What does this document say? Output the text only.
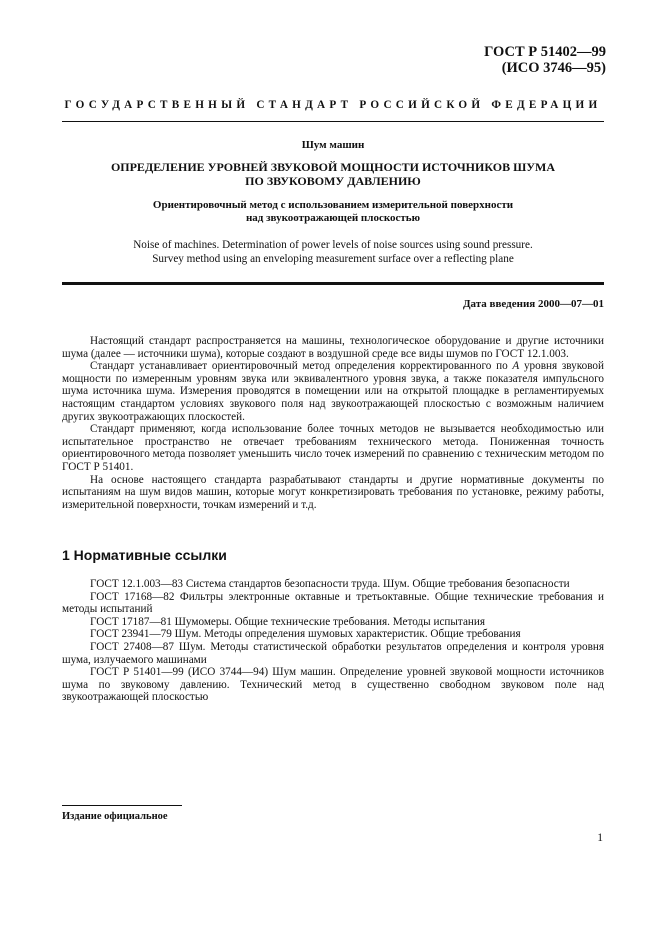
ГОСТ Р 51402—99
(ИСО 3746—95)
ГОСУДАРСТВЕННЫЙ СТАНДАРТ РОССИЙСКОЙ ФЕДЕРАЦИИ
Шум машин
ОПРЕДЕЛЕНИЕ УРОВНЕЙ ЗВУКОВОЙ МОЩНОСТИ ИСТОЧНИКОВ ШУМА
ПО ЗВУКОВОМУ ДАВЛЕНИЮ
Ориентировочный метод с использованием измерительной поверхности
над звукоотражающей плоскостью
Noise of machines. Determination of power levels of noise sources using sound pressure.
Survey method using an enveloping measurement surface over a reflecting plane
Дата введения 2000—07—01

Настоящий стандарт распространяется на машины, технологическое оборудование и другие источники шума (далее — источники шума), которые создают в воздушной среде все виды шумов по ГОСТ 12.1.003.

Стандарт устанавливает ориентировочный метод определения корректированного по А уровня звуковой мощности по измеренным уровням звука или эквивалентного уровня звука, а также показателя импульсного шума источника шума. Измерения проводятся в помещении или на открытой площадке в регламентируемых настоящим стандартом условиях звукового поля над звукоотражающей плоскостью с возможным наличием других звукоотражающих плоскостей.

Стандарт применяют, когда использование более точных методов не вызывается необходимостью или испытательное пространство не отвечает требованиям технического метода. Пониженная точность ориентировочного метода позволяет уменьшить число точек измерений по сравнению с техническим методом по ГОСТ Р 51401.

На основе настоящего стандарта разрабатывают стандарты и другие нормативные документы по испытаниям на шум видов машин, которые могут конкретизировать требования по установке, режиму работы, измерительной поверхности, точкам измерений и т.д.

1 Нормативные ссылки

ГОСТ 12.1.003—83 Система стандартов безопасности труда. Шум. Общие требования безопасности

ГОСТ 17168—82 Фильтры электронные октавные и третьоктавные. Общие технические требования и методы испытаний

ГОСТ 17187—81 Шумомеры. Общие технические требования. Методы испытания

ГОСТ 23941—79 Шум. Методы определения шумовых характеристик. Общие требования

ГОСТ 27408—87 Шум. Методы статистической обработки результатов определения и контроля уровня шума, излучаемого машинами

ГОСТ Р 51401—99 (ИСО 3744—94) Шум машин. Определение уровней звуковой мощности источников шума по звуковому давлению. Технический метод в существенно свободном звуковом поле над звукоотражающей плоскостью

Издание официальное
1
